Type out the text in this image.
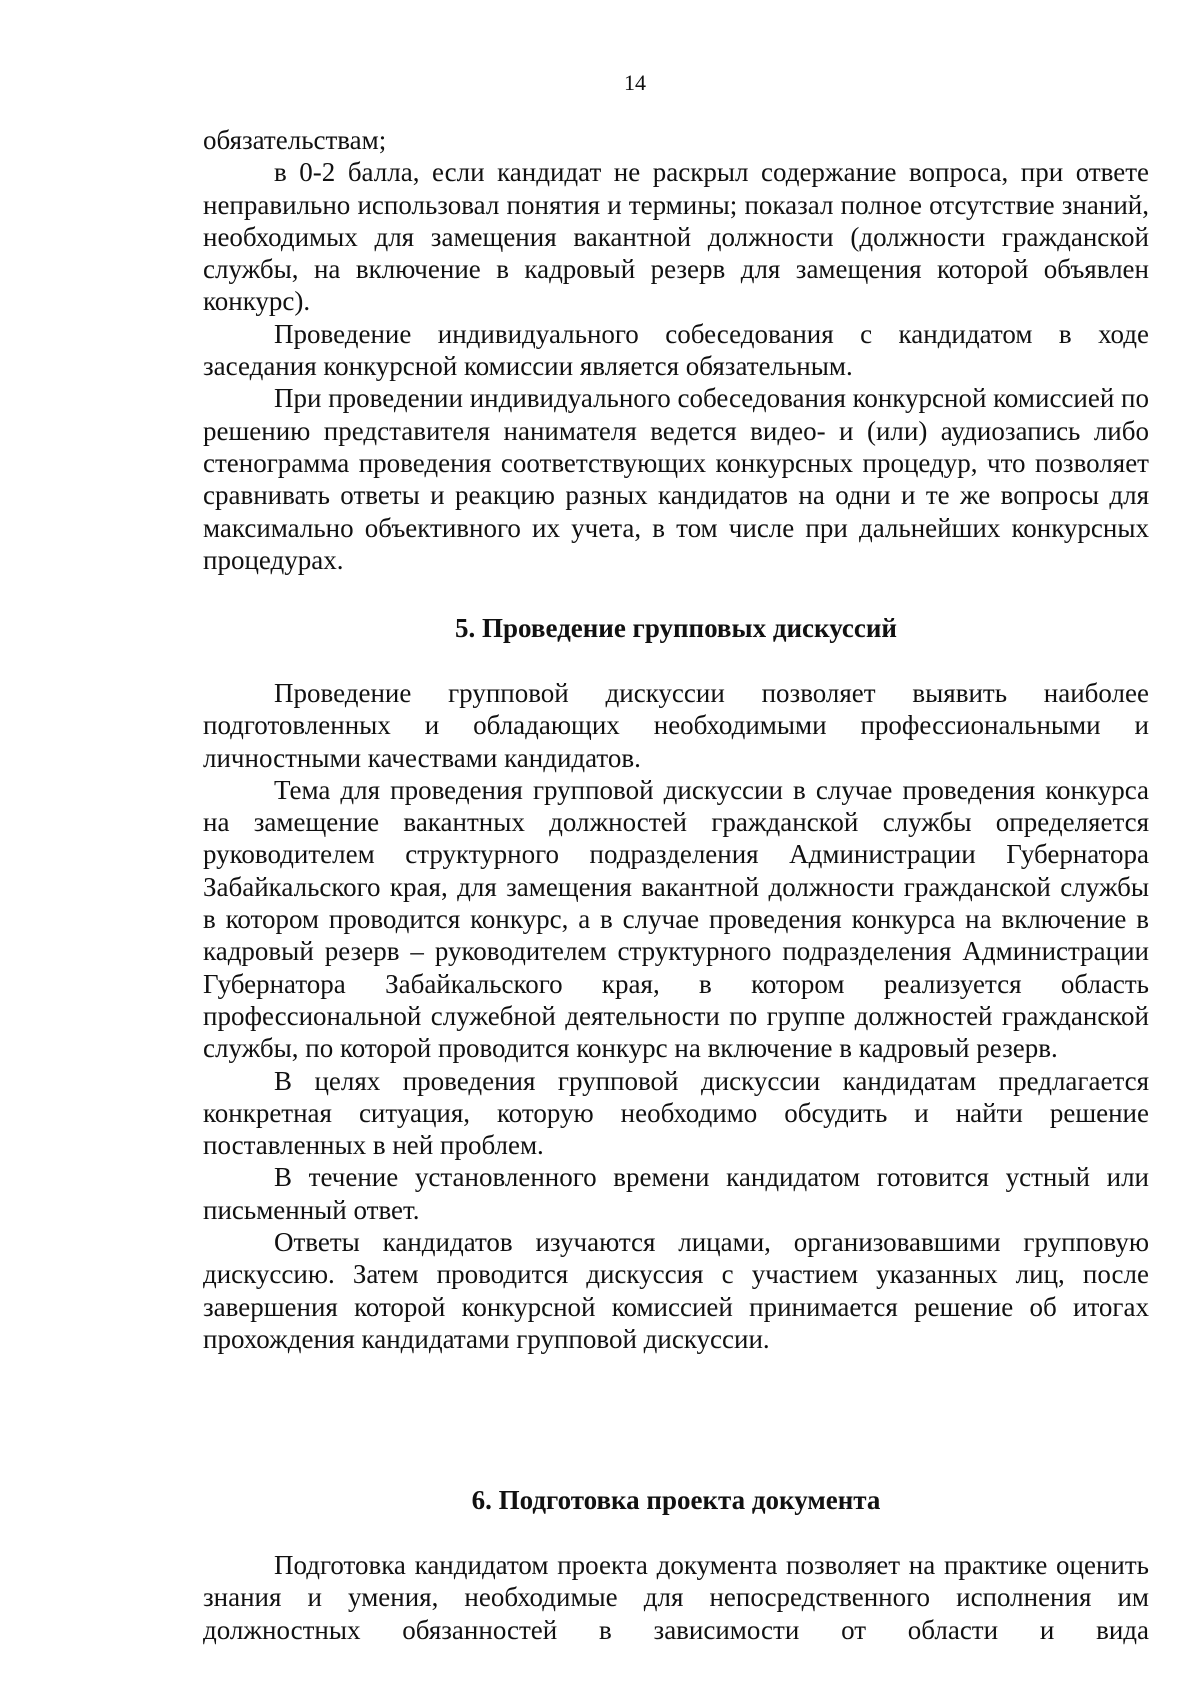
14

обязательствам;

в 0-2 балла, если кандидат не раскрыл содержание вопроса, при ответе неправильно использовал понятия и термины; показал полное отсутствие знаний, необходимых для замещения вакантной должности (должности гражданской службы, на включение в кадровый резерв для замещения которой объявлен конкурс).

Проведение индивидуального собеседования с кандидатом в ходе заседания конкурсной комиссии является обязательным.

При проведении индивидуального собеседования конкурсной комиссией по решению представителя нанимателя ведется видео- и (или) аудиозапись либо стенограмма проведения соответствующих конкурсных процедур, что позволяет сравнивать ответы и реакцию разных кандидатов на одни и те же вопросы для максимально объективного их учета, в том числе при дальнейших конкурсных процедурах.

5. Проведение групповых дискуссий

Проведение групповой дискуссии позволяет выявить наиболее подготовленных и обладающих необходимыми профессиональными и личностными качествами кандидатов.

Тема для проведения групповой дискуссии в случае проведения конкурса на замещение вакантных должностей гражданской службы определяется руководителем структурного подразделения Администрации Губернатора Забайкальского края, для замещения вакантной должности гражданской службы в котором проводится конкурс, а в случае проведения конкурса на включение в кадровый резерв – руководителем структурного подразделения Администрации Губернатора Забайкальского края, в котором реализуется область профессиональной служебной деятельности по группе должностей гражданской службы, по которой проводится конкурс на включение в кадровый резерв.

В целях проведения групповой дискуссии кандидатам предлагается конкретная ситуация, которую необходимо обсудить и найти решение поставленных в ней проблем.

В течение установленного времени кандидатом готовится устный или письменный ответ.

Ответы кандидатов изучаются лицами, организовавшими групповую дискуссию. Затем проводится дискуссия с участием указанных лиц, после завершения которой конкурсной комиссией принимается решение об итогах прохождения кандидатами групповой дискуссии.

6. Подготовка проекта документа

Подготовка кандидатом проекта документа позволяет на практике оценить знания и умения, необходимые для непосредственного исполнения им должностных обязанностей в зависимости от области и вида
